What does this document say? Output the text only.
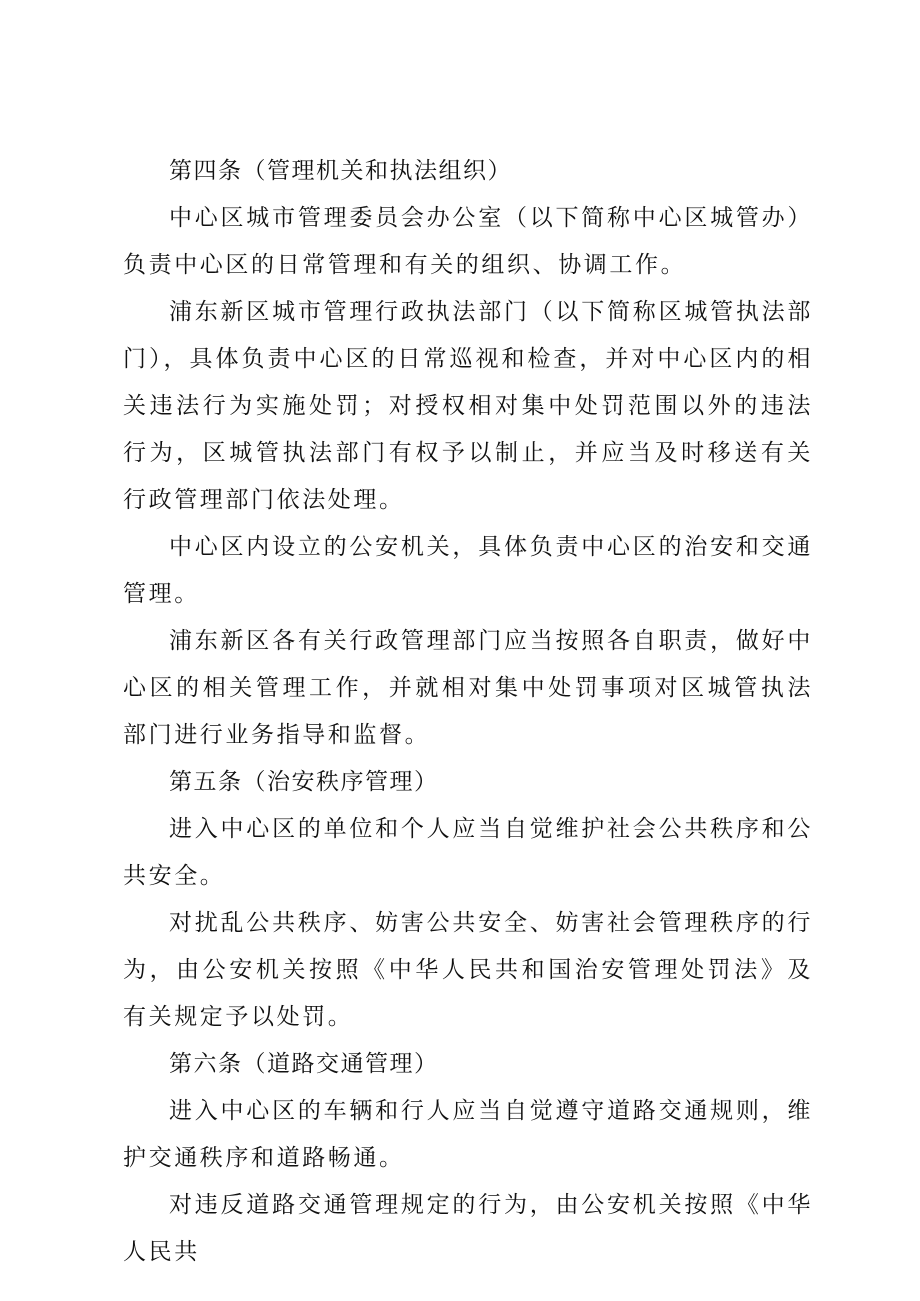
第四条（管理机关和执法组织）

中心区城市管理委员会办公室（以下简称中心区城管办）负责中心区的日常管理和有关的组织、协调工作。

浦东新区城市管理行政执法部门（以下简称区城管执法部门），具体负责中心区的日常巡视和检查，并对中心区内的相关违法行为实施处罚；对授权相对集中处罚范围以外的违法行为，区城管执法部门有权予以制止，并应当及时移送有关行政管理部门依法处理。

中心区内设立的公安机关，具体负责中心区的治安和交通管理。

浦东新区各有关行政管理部门应当按照各自职责，做好中心区的相关管理工作，并就相对集中处罚事项对区城管执法部门进行业务指导和监督。

第五条（治安秩序管理）

进入中心区的单位和个人应当自觉维护社会公共秩序和公共安全。

对扰乱公共秩序、妨害公共安全、妨害社会管理秩序的行为，由公安机关按照《中华人民共和国治安管理处罚法》及有关规定予以处罚。

第六条（道路交通管理）

进入中心区的车辆和行人应当自觉遵守道路交通规则，维护交通秩序和道路畅通。

对违反道路交通管理规定的行为，由公安机关按照《中华人民共
